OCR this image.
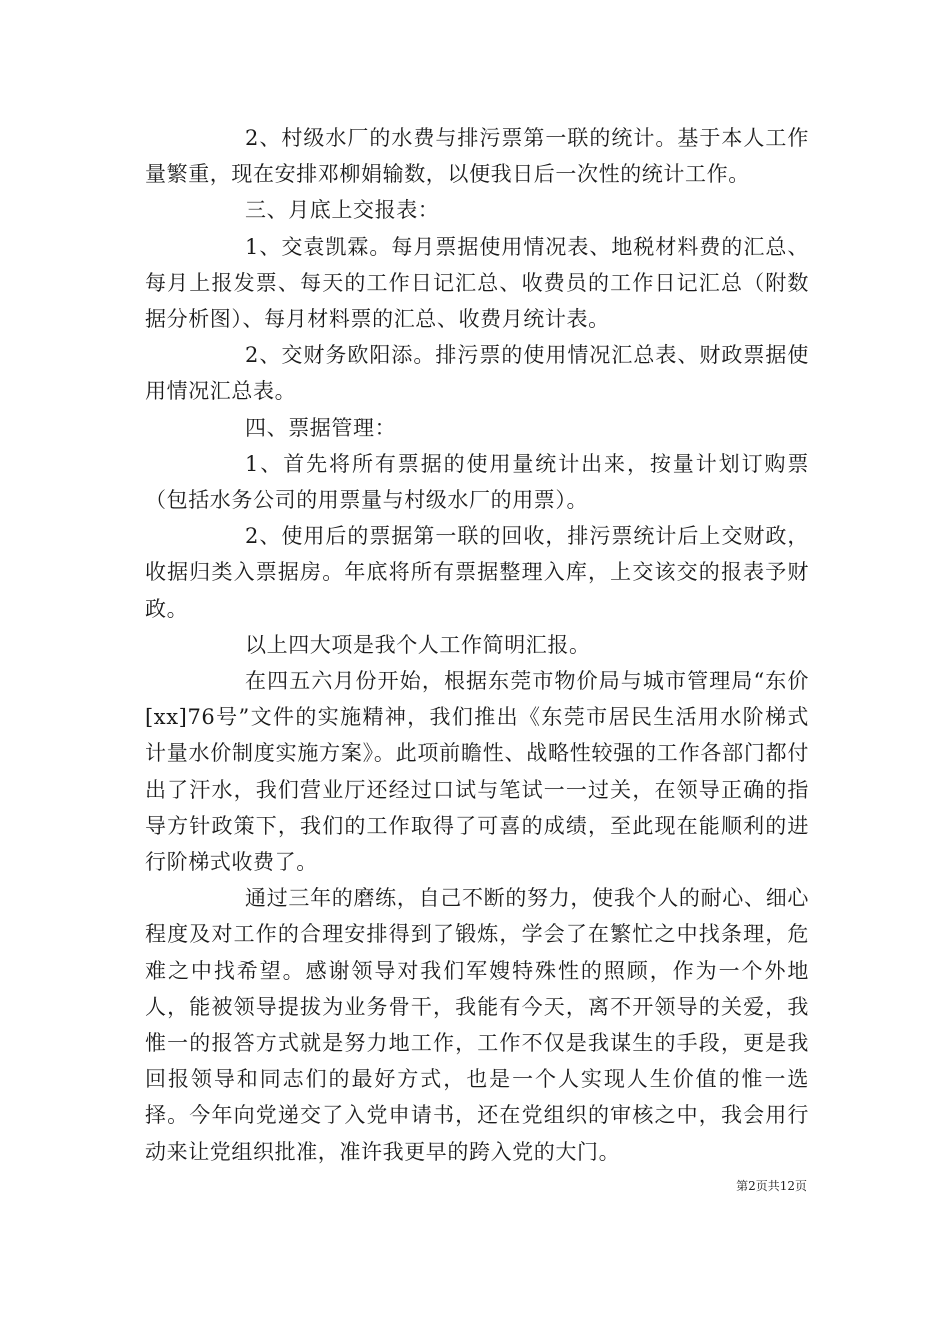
2、村级水厂的水费与排污票第一联的统计。基于本人工作量繁重，现在安排邓柳娟输数，以便我日后一次性的统计工作。

三、月底上交报表：

1、交袁凯霖。每月票据使用情况表、地税材料费的汇总、每月上报发票、每天的工作日记汇总、收费员的工作日记汇总（附数据分析图）、每月材料票的汇总、收费月统计表。

2、交财务欧阳添。排污票的使用情况汇总表、财政票据使用情况汇总表。

四、票据管理：

1、首先将所有票据的使用量统计出来，按量计划订购票（包括水务公司的用票量与村级水厂的用票）。

2、使用后的票据第一联的回收，排污票统计后上交财政，收据归类入票据房。年底将所有票据整理入库，上交该交的报表予财政。

以上四大项是我个人工作简明汇报。

在四五六月份开始，根据东莞市物价局与城市管理局“东价[xx]76号”文件的实施精神，我们推出《东莞市居民生活用水阶梯式计量水价制度实施方案》。此项前瞻性、战略性较强的工作各部门都付出了汗水，我们营业厅还经过口试与笔试一一过关，在领导正确的指导方针政策下，我们的工作取得了可喜的成绩，至此现在能顺利的进行阶梯式收费了。

通过三年的磨练，自己不断的努力，使我个人的耐心、细心程度及对工作的合理安排得到了锻炼，学会了在繁忙之中找条理，危难之中找希望。感谢领导对我们军嫂特殊性的照顾，作为一个外地人，能被领导提拔为业务骨干，我能有今天，离不开领导的关爱，我惟一的报答方式就是努力地工作，工作不仅是我谋生的手段，更是我回报领导和同志们的最好方式，也是一个人实现人生价值的惟一选择。今年向党递交了入党申请书，还在党组织的审核之中，我会用行动来让党组织批准，准许我更早的跨入党的大门。

第2页共12页
